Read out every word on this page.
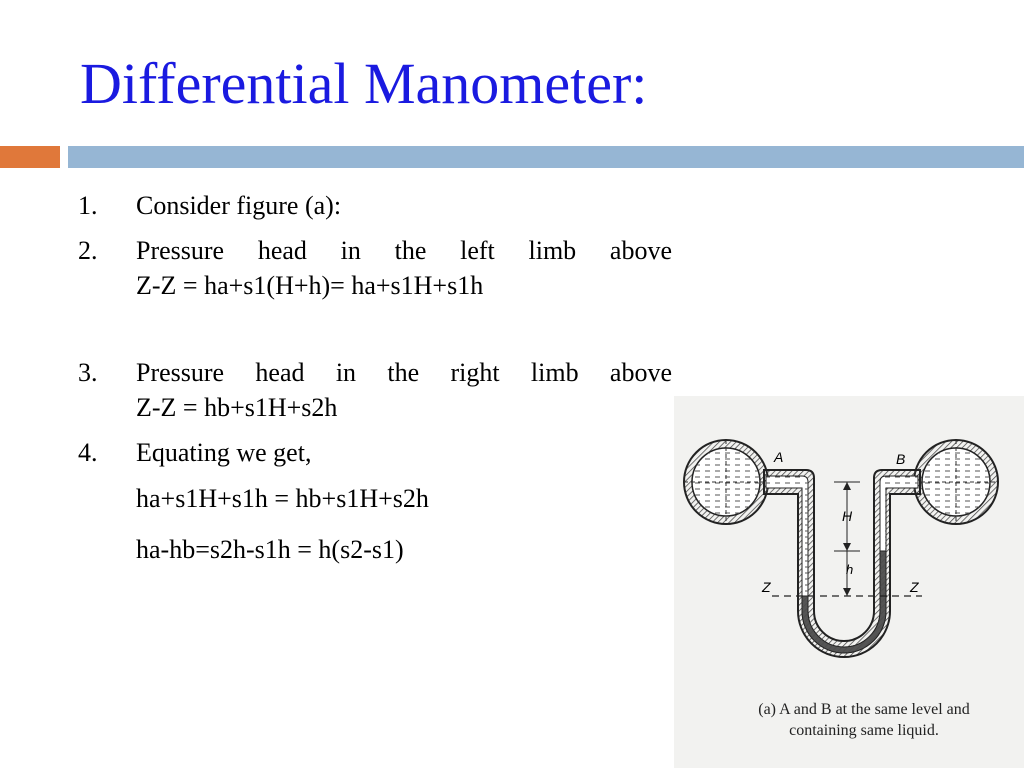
Differential Manometer:
1. Consider figure (a):
2. Pressure head in the left limb above
Z-Z = ha+s1(H+h)= ha+s1H+s1h
3. Pressure head in the right limb above
Z-Z = hb+s1H+s2h
4. Equating we get,
ha+s1H+s1h = hb+s1H+s2h
ha-hb=s2h-s1h = h(s2-s1)
A	B
H
h
Z	Z
(a) A and B at the same level and
containing same liquid.
